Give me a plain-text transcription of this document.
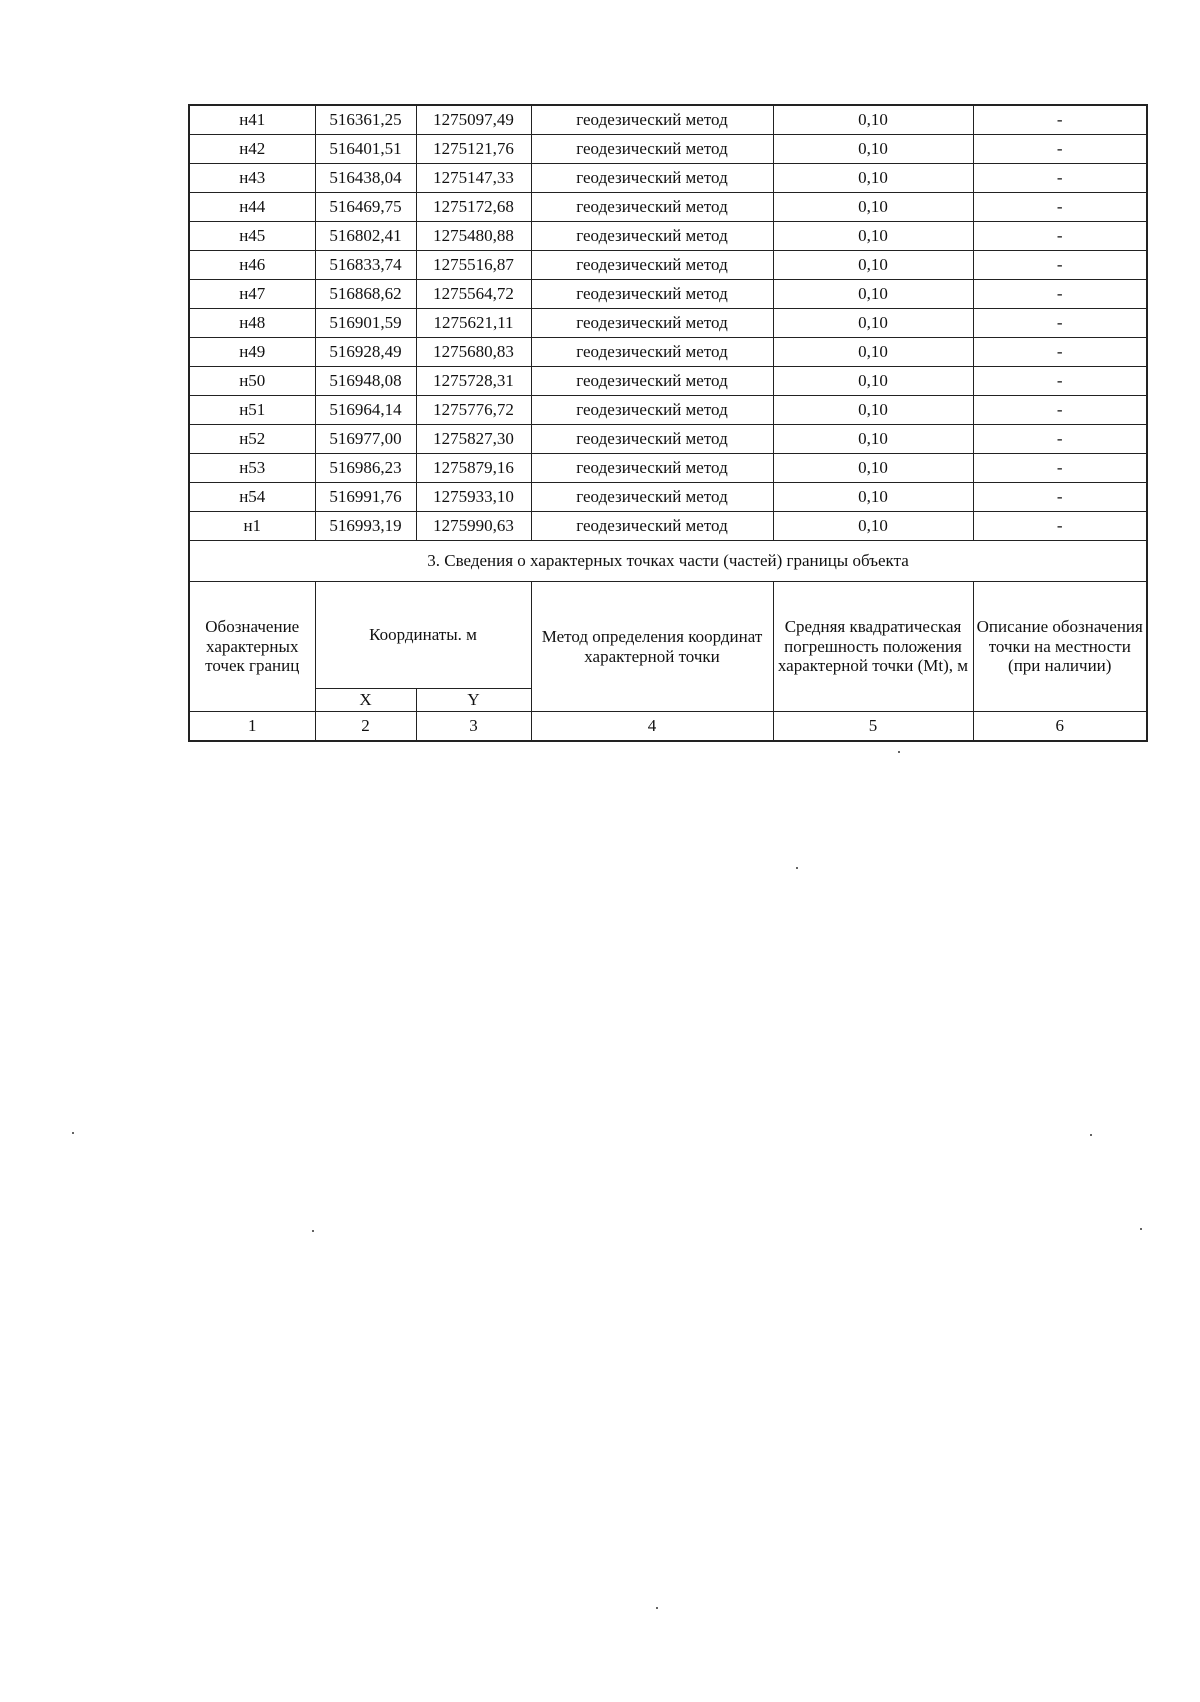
н41	516361,25	1275097,49	геодезический метод	0,10	-
н42	516401,51	1275121,76	геодезический метод	0,10	-
н43	516438,04	1275147,33	геодезический метод	0,10	-
н44	516469,75	1275172,68	геодезический метод	0,10	-
н45	516802,41	1275480,88	геодезический метод	0,10	-
н46	516833,74	1275516,87	геодезический метод	0,10	-
н47	516868,62	1275564,72	геодезический метод	0,10	-
н48	516901,59	1275621,11	геодезический метод	0,10	-
н49	516928,49	1275680,83	геодезический метод	0,10	-
н50	516948,08	1275728,31	геодезический метод	0,10	-
н51	516964,14	1275776,72	геодезический метод	0,10	-
н52	516977,00	1275827,30	геодезический метод	0,10	-
н53	516986,23	1275879,16	геодезический метод	0,10	-
н54	516991,76	1275933,10	геодезический метод	0,10	-
н1	516993,19	1275990,63	геодезический метод	0,10	-
3. Сведения о характерных точках части (частей) границы объекта					
Обозначение характерных точек границ	Координаты. м		Метод определения координат характерной точки	Средняя квадратическая погрешность положения характерной точки (Mt), м	Описание обозначения точки на местности (при наличии)
	X	Y			
1	2	3	4	5	6
